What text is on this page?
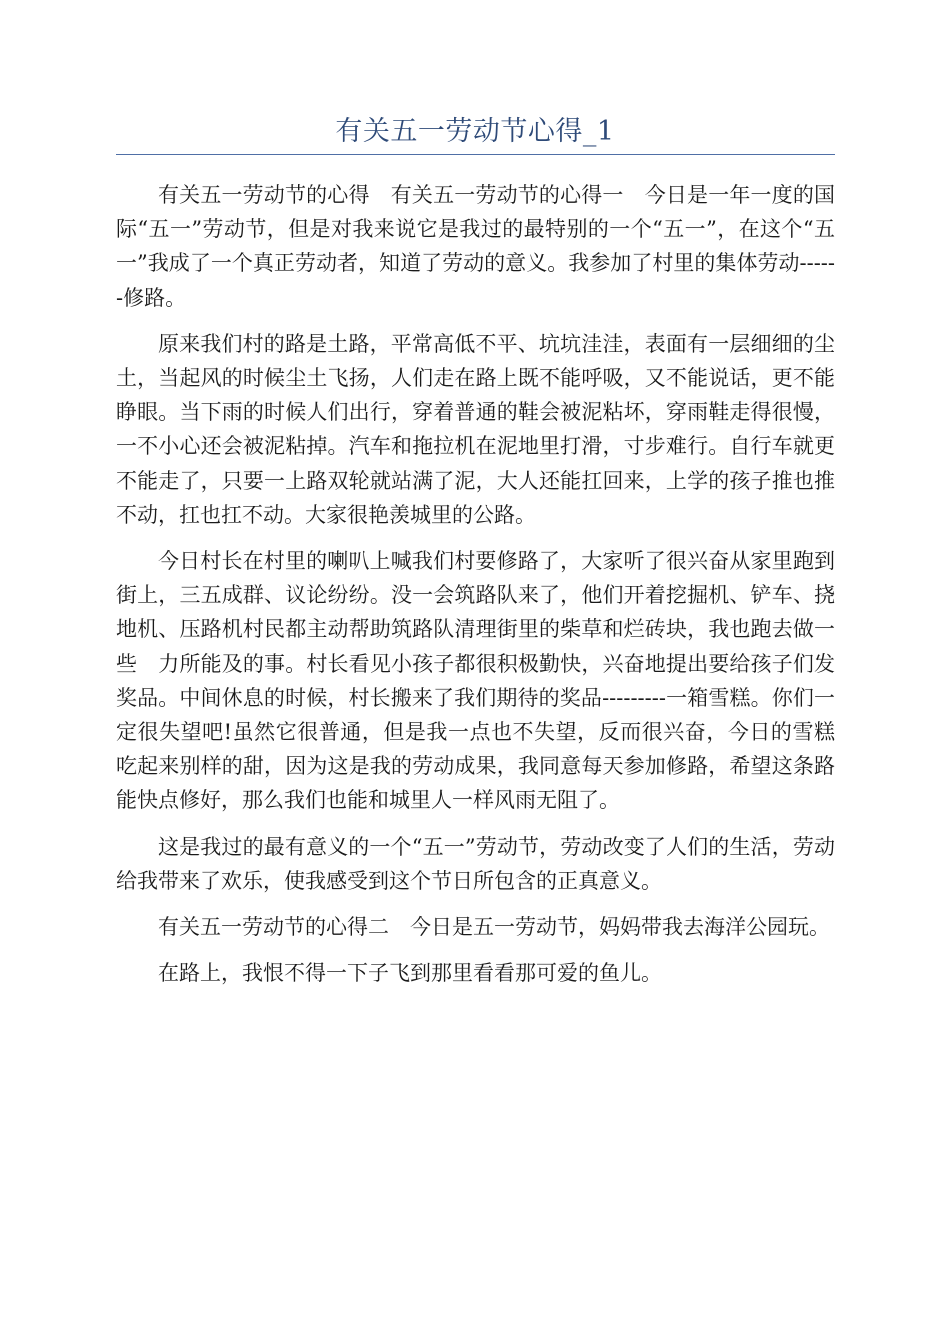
有关五一劳动节心得_1

有关五一劳动节的心得　有关五一劳动节的心得一　今日是一年一度的国际“五一”劳动节，但是对我来说它是我过的最特别的一个“五一”，在这个“五一”我成了一个真正劳动者，知道了劳动的意义。我参加了村里的集体劳动------修路。

原来我们村的路是土路，平常高低不平、坑坑洼洼，表面有一层细细的尘土，当起风的时候尘土飞扬，人们走在路上既不能呼吸，又不能说话，更不能睁眼。当下雨的时候人们出行，穿着普通的鞋会被泥粘坏，穿雨鞋走得很慢，一不小心还会被泥粘掉。汽车和拖拉机在泥地里打滑，寸步难行。自行车就更不能走了，只要一上路双轮就站满了泥，大人还能扛回来，上学的孩子推也推不动，扛也扛不动。大家很艳羡城里的公路。

今日村长在村里的喇叭上喊我们村要修路了，大家听了很兴奋从家里跑到街上，三五成群、议论纷纷。没一会筑路队来了，他们开着挖掘机、铲车、挠地机、压路机村民都主动帮助筑路队清理街里的柴草和烂砖块，我也跑去做一些　力所能及的事。村长看见小孩子都很积极勤快，兴奋地提出要给孩子们发奖品。中间休息的时候，村长搬来了我们期待的奖品---------一箱雪糕。你们一定很失望吧!虽然它很普通，但是我一点也不失望，反而很兴奋，今日的雪糕吃起来别样的甜，因为这是我的劳动成果，我同意每天参加修路，希望这条路能快点修好，那么我们也能和城里人一样风雨无阻了。

这是我过的最有意义的一个“五一”劳动节，劳动改变了人们的生活，劳动给我带来了欢乐，使我感受到这个节日所包含的正真意义。

有关五一劳动节的心得二　今日是五一劳动节，妈妈带我去海洋公园玩。

在路上，我恨不得一下子飞到那里看看那可爱的鱼儿。
